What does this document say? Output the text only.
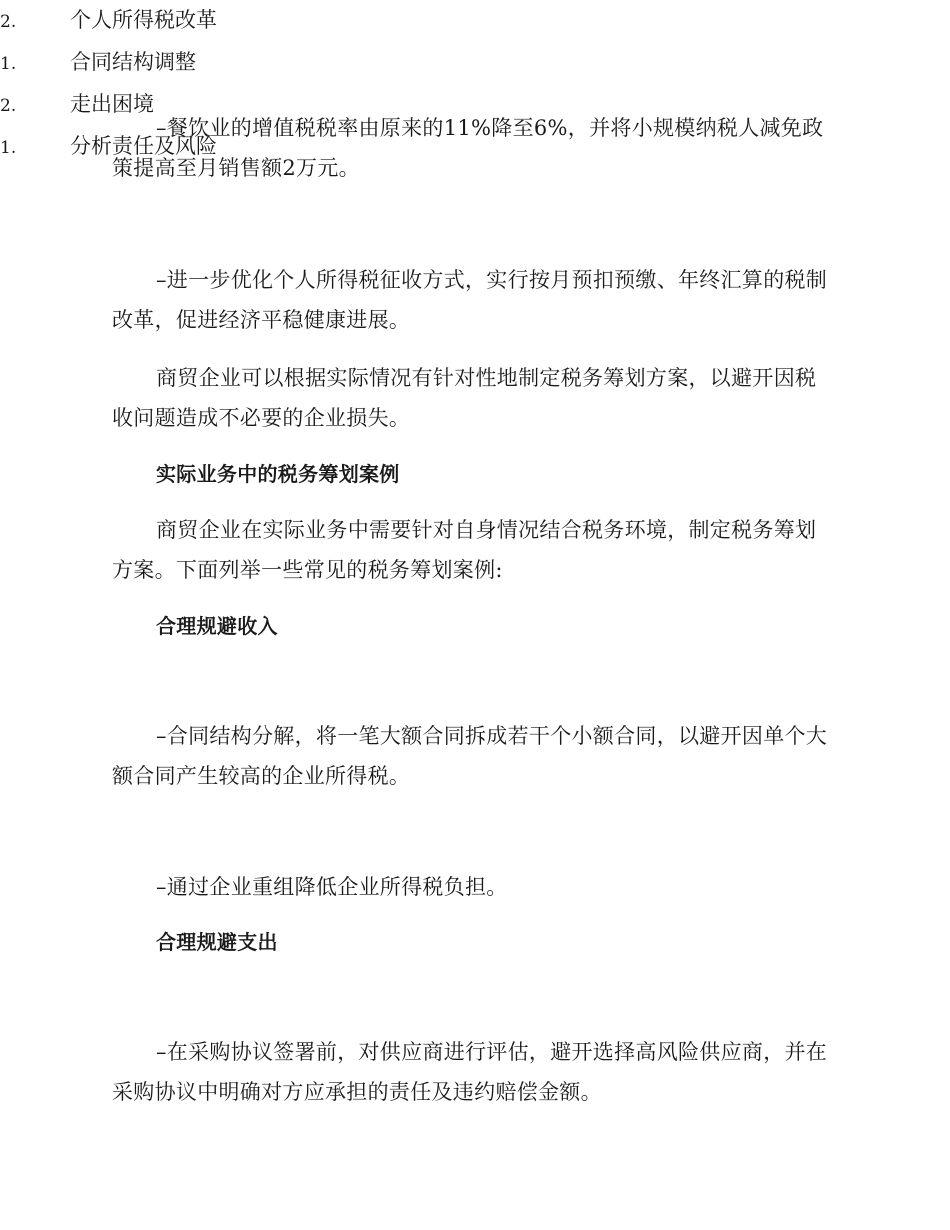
–餐饮业的增值税税率由原来的11%降至6%，并将小规模纳税人减免政策提高至月销售额2万元。
2.	个人所得税改革
–进一步优化个人所得税征收方式，实行按月预扣预缴、年终汇算的税制改革，促进经济平稳健康进展。
商贸企业可以根据实际情况有针对性地制定税务筹划方案，以避开因税收问题造成不必要的企业损失。
实际业务中的税务筹划案例
商贸企业在实际业务中需要针对自身情况结合税务环境，制定税务筹划方案。下面列举一些常见的税务筹划案例:
合理规避收入
1.	合同结构调整
–合同结构分解，将一笔大额合同拆成若干个小额合同，以避开因单个大额合同产生较高的企业所得税。
2.	走出困境
–通过企业重组降低企业所得税负担。
合理规避支出
1.	分析责任及风险
–在采购协议签署前，对供应商进行评估，避开选择高风险供应商，并在采购协议中明确对方应承担的责任及违约赔偿金额。
